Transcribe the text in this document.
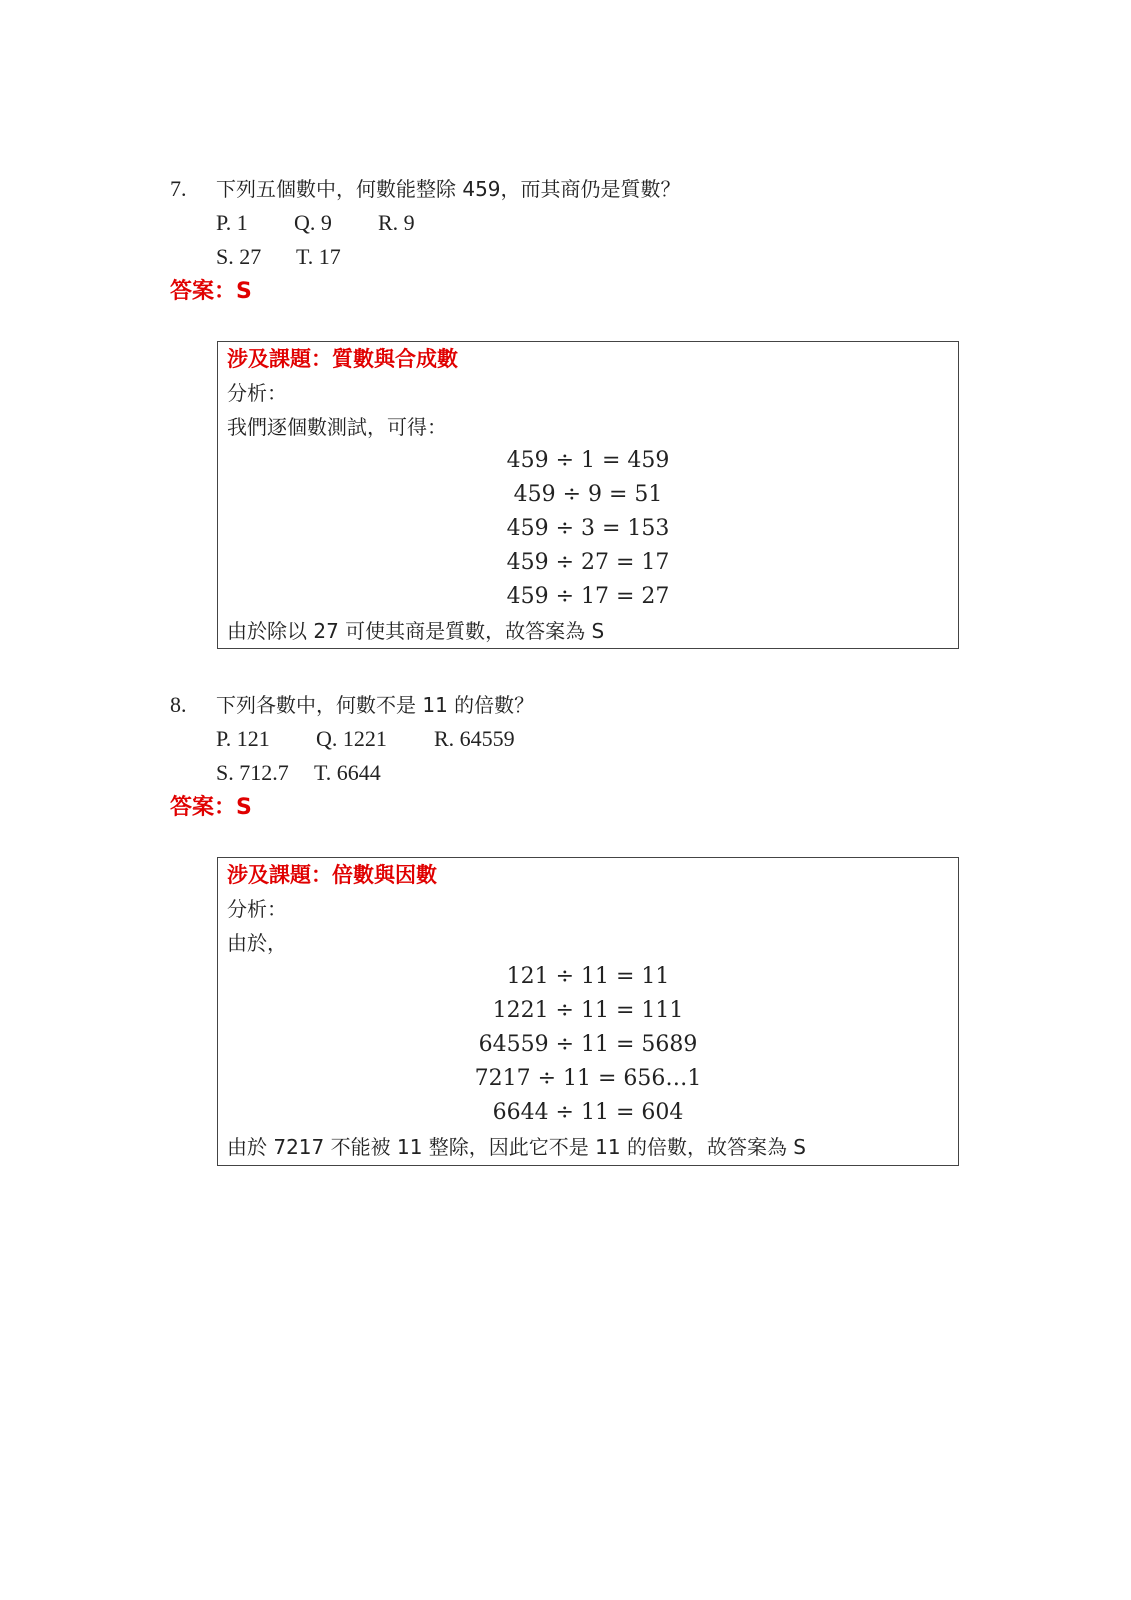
7. 下列五個數中，何數能整除 459，而其商仍是質數？
P. 1 Q. 9 R. 9
S. 27 T. 17
答案：S
涉及課題：質數與合成數
分析：
我們逐個數測試，可得：
459 ÷ 1 = 459
459 ÷ 9 = 51
459 ÷ 3 = 153
459 ÷ 27 = 17
459 ÷ 17 = 27
由於除以 27 可使其商是質數，故答案為 S
8. 下列各數中，何數不是 11 的倍數？
P. 121 Q. 1221 R. 64559
S. 712.7 T. 6644
答案：S
涉及課題：倍數與因數
分析：
由於，
121 ÷ 11 = 11
1221 ÷ 11 = 111
64559 ÷ 11 = 5689
7217 ÷ 11 = 656…1
6644 ÷ 11 = 604
由於 7217 不能被 11 整除，因此它不是 11 的倍數，故答案為 S
